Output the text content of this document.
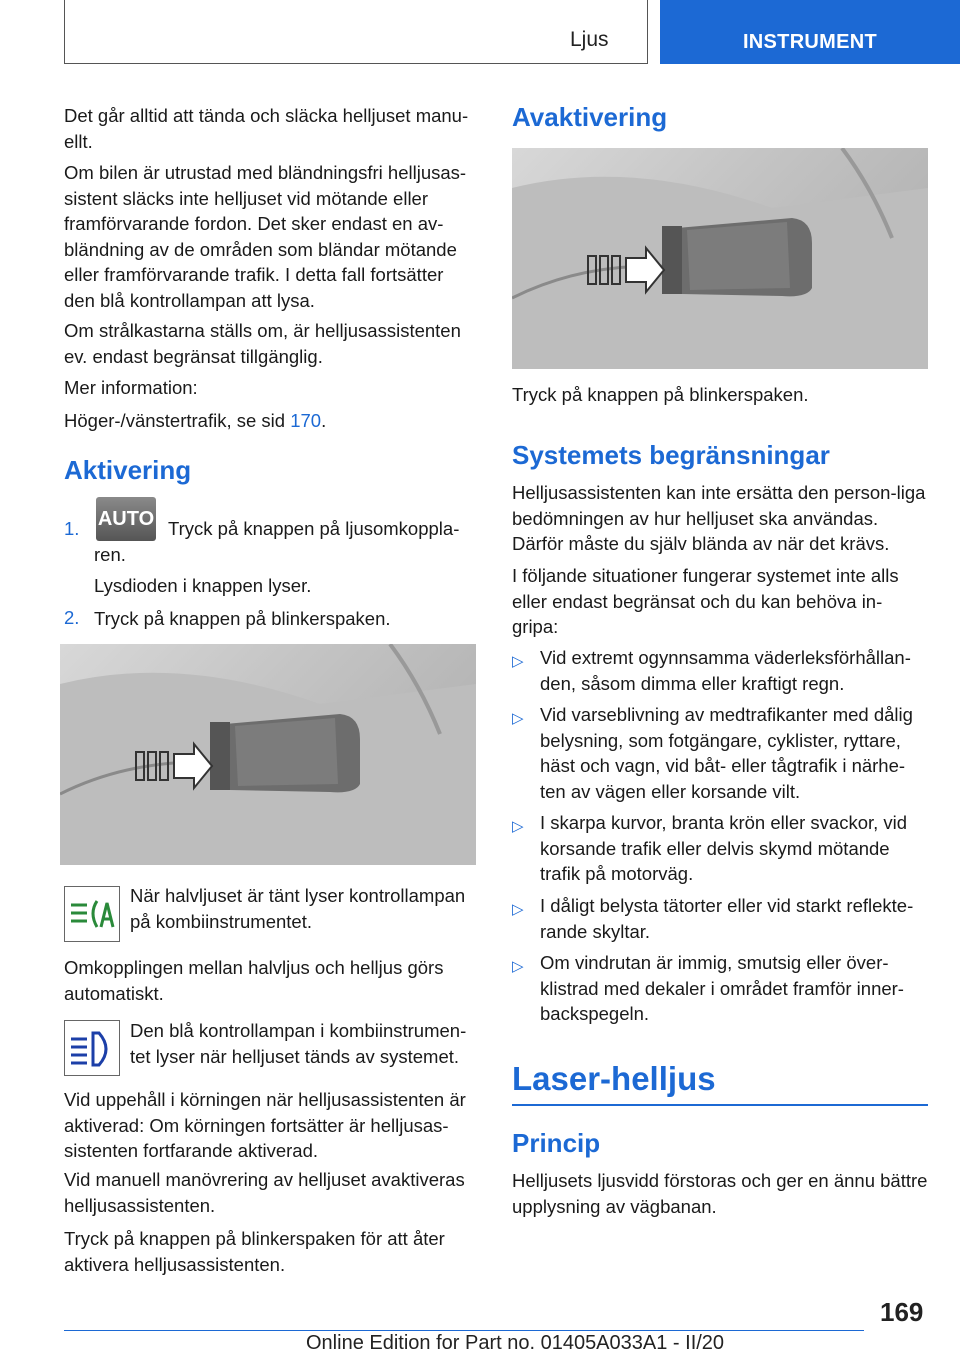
Ljus	INSTRUMENT

Det går alltid att tända och släcka helljuset manu-ellt.

Om bilen är utrustad med bländningsfri helljusas-sistent släcks inte helljuset vid mötande eller framförvarande fordon. Det sker endast en av-bländning av de områden som bländar mötande eller framförvarande trafik. I detta fall fortsätter den blå kontrollampan att lysa.

Om strålkastarna ställs om, är helljusassistenten ev. endast begränsat tillgänglig.

Mer information:

Höger-/vänstertrafik, se sid 170.

Aktivering
1. AUTO Tryck på knappen på ljusomkoppla-ren.

Lysdioden i knappen lyser.

2. Tryck på knappen på blinkerspaken.

När halvljuset är tänt lyser kontrollampan på kombiinstrumentet.

Omkopplingen mellan halvljus och helljus görs automatiskt.

Den blå kontrollampan i kombiinstrumen-tet lyser när helljuset tänds av systemet.

Vid uppehåll i körningen när helljusassistenten är aktiverad: Om körningen fortsätter är helljusas-sistenten fortfarande aktiverad.

Vid manuell manövrering av helljuset avaktiveras helljusassistenten.

Tryck på knappen på blinkerspaken för att åter aktivera helljusassistenten.

Avaktivering

Tryck på knappen på blinkerspaken.

Systemets begränsningar

Helljusassistenten kan inte ersätta den person-liga bedömningen av hur helljuset ska användas. Därför måste du själv blända av när det krävs.

I följande situationer fungerar systemet inte alls eller endast begränsat och du kan behöva in-gripa:

▷ Vid extremt ogynnsamma väderleksförhållan-den, såsom dimma eller kraftigt regn.

▷ Vid varseblivning av medtrafikanter med dålig belysning, som fotgängare, cyklister, ryttare, häst och vagn, vid båt- eller tågtrafik i närhe-ten av vägen eller korsande vilt.

▷ I skarpa kurvor, branta krön eller svackor, vid korsande trafik eller delvis skymd mötande trafik på motorväg.

▷ I dåligt belysta tätorter eller vid starkt reflekte-rande skyltar.

▷ Om vindrutan är immig, smutsig eller över-klistrad med dekaler i området framför inner-backspegeln.

Laser-helljus
Princip

Helljusets ljusvidd förstoras och ger en ännu bättre upplysning av vägbanan.

169
Online Edition for Part no. 01405A033A1 - II/20
